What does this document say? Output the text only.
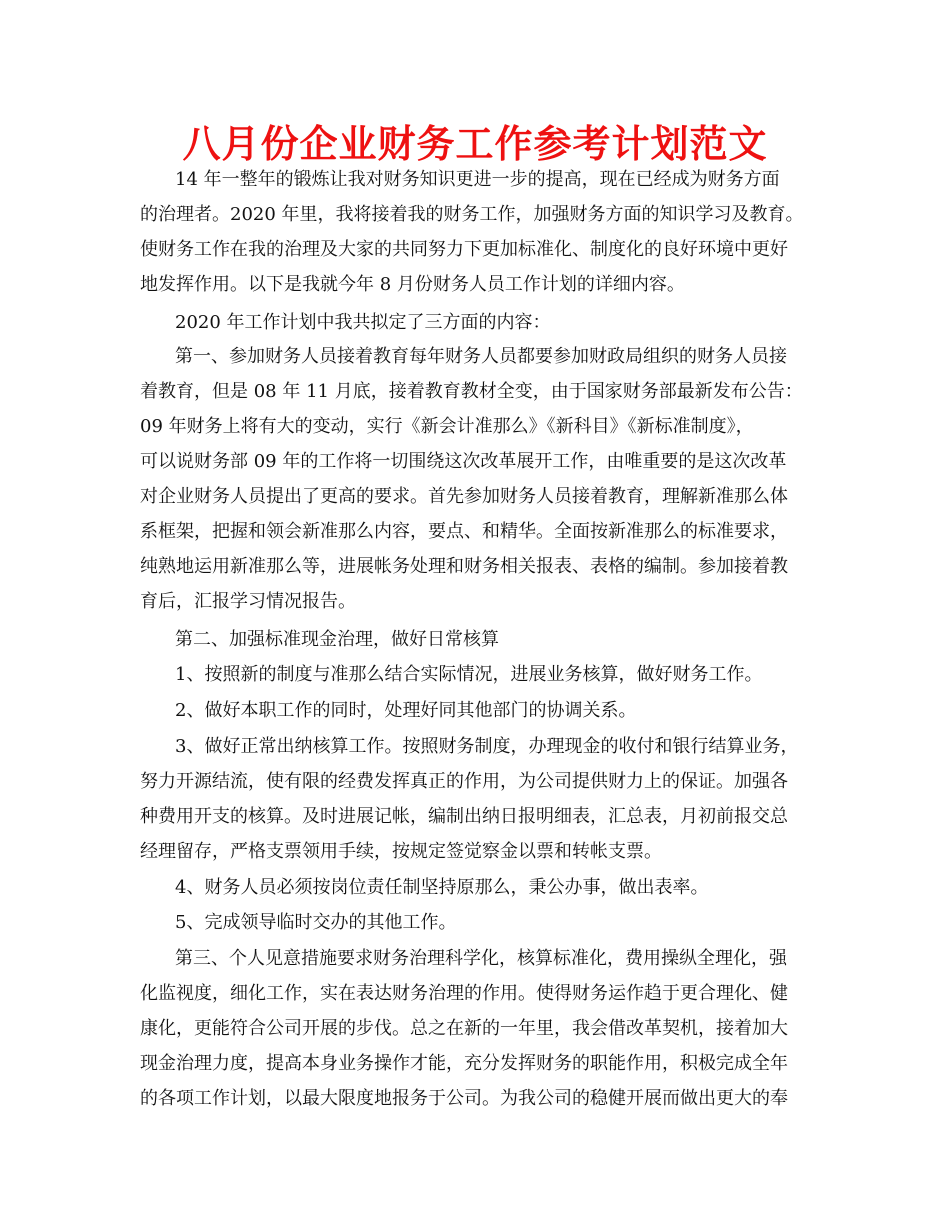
八月份企业财务工作参考计划范文
14 年一整年的锻炼让我对财务知识更进一步的提高，现在已经成为财务方面
的治理者。2020 年里，我将接着我的财务工作，加强财务方面的知识学习及教育。
使财务工作在我的治理及大家的共同努力下更加标准化、制度化的良好环境中更好
地发挥作用。以下是我就今年 8 月份财务人员工作计划的详细内容。
2020 年工作计划中我共拟定了三方面的内容：
第一、参加财务人员接着教育每年财务人员都要参加财政局组织的财务人员接
着教育，但是 08 年 11 月底，接着教育教材全变，由于国家财务部最新发布公告：
09 年财务上将有大的变动，实行《新会计准那么》《新科目》《新标准制度》，
可以说财务部 09 年的工作将一切围绕这次改革展开工作，由唯重要的是这次改革
对企业财务人员提出了更高的要求。首先参加财务人员接着教育，理解新准那么体
系框架，把握和领会新准那么内容，要点、和精华。全面按新准那么的标准要求，
纯熟地运用新准那么等，进展帐务处理和财务相关报表、表格的编制。参加接着教
育后，汇报学习情况报告。
第二、加强标准现金治理，做好日常核算
1、按照新的制度与准那么结合实际情况，进展业务核算，做好财务工作。
2、做好本职工作的同时，处理好同其他部门的协调关系。
3、做好正常出纳核算工作。按照财务制度，办理现金的收付和银行结算业务，
努力开源结流，使有限的经费发挥真正的作用，为公司提供财力上的保证。加强各
种费用开支的核算。及时进展记帐，编制出纳日报明细表，汇总表，月初前报交总
经理留存，严格支票领用手续，按规定签觉察金以票和转帐支票。
4、财务人员必须按岗位责任制坚持原那么，秉公办事，做出表率。
5、完成领导临时交办的其他工作。
第三、个人见意措施要求财务治理科学化，核算标准化，费用操纵全理化，强
化监视度，细化工作，实在表达财务治理的作用。使得财务运作趋于更合理化、健
康化，更能符合公司开展的步伐。总之在新的一年里，我会借改革契机，接着加大
现金治理力度，提高本身业务操作才能，充分发挥财务的职能作用，积极完成全年
的各项工作计划，以最大限度地报务于公司。为我公司的稳健开展而做出更大的奉
